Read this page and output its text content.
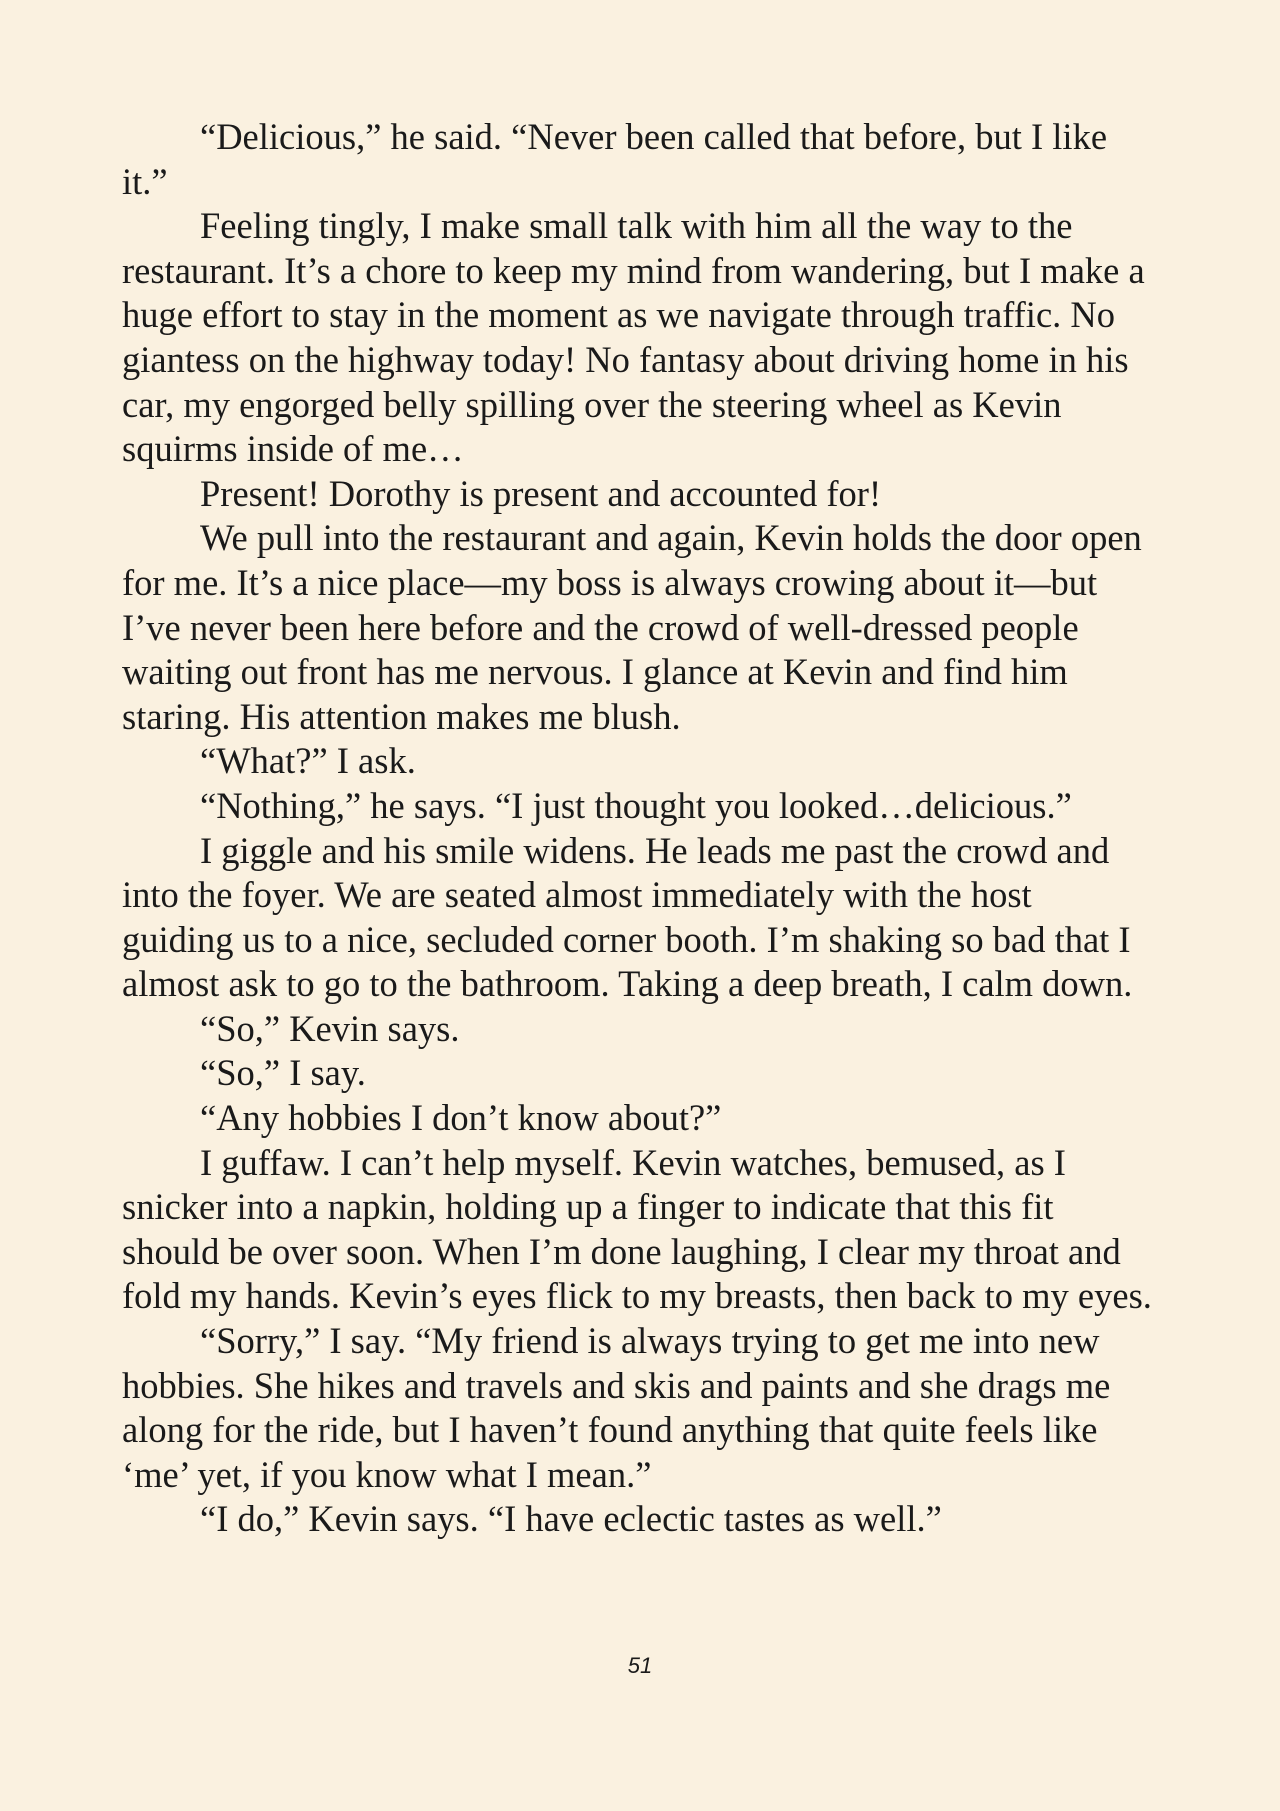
“Delicious,” he said. “Never been called that before, but I like
it.”

Feeling tingly, I make small talk with him all the way to the
restaurant. It’s a chore to keep my mind from wandering, but I make a
huge effort to stay in the moment as we navigate through traffic. No
giantess on the highway today! No fantasy about driving home in his
car, my engorged belly spilling over the steering wheel as Kevin
squirms inside of me…

Present! Dorothy is present and accounted for!

We pull into the restaurant and again, Kevin holds the door open
for me. It’s a nice place—my boss is always crowing about it—but
I’ve never been here before and the crowd of well-dressed people
waiting out front has me nervous. I glance at Kevin and find him
staring. His attention makes me blush.

“What?” I ask.

“Nothing,” he says. “I just thought you looked…delicious.”

I giggle and his smile widens. He leads me past the crowd and
into the foyer. We are seated almost immediately with the host
guiding us to a nice, secluded corner booth. I’m shaking so bad that I
almost ask to go to the bathroom. Taking a deep breath, I calm down.

“So,” Kevin says.

“So,” I say.

“Any hobbies I don’t know about?”

I guffaw. I can’t help myself. Kevin watches, bemused, as I
snicker into a napkin, holding up a finger to indicate that this fit
should be over soon. When I’m done laughing, I clear my throat and
fold my hands. Kevin’s eyes flick to my breasts, then back to my eyes.

“Sorry,” I say. “My friend is always trying to get me into new
hobbies. She hikes and travels and skis and paints and she drags me
along for the ride, but I haven’t found anything that quite feels like
‘me’ yet, if you know what I mean.”

“I do,” Kevin says. “I have eclectic tastes as well.”

51
